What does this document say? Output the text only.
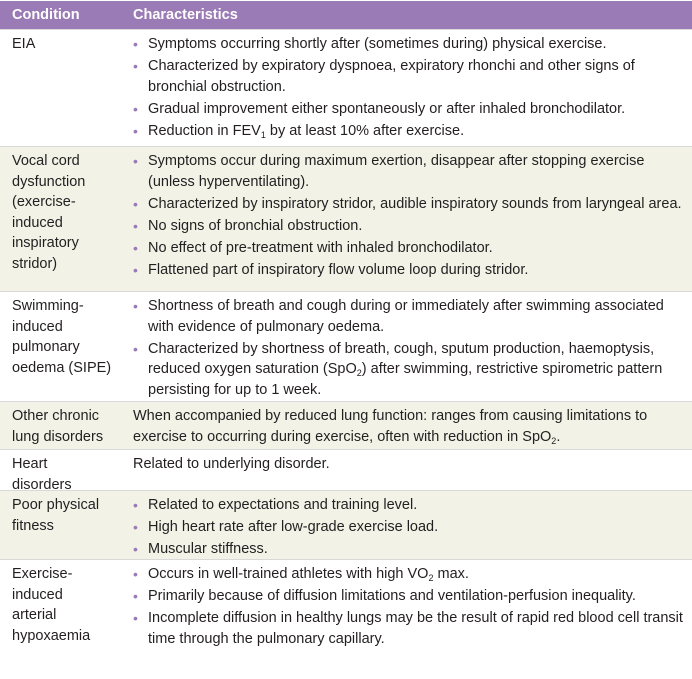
Condition	Characteristics
EIA	• Symptoms occurring shortly after (sometimes during) physical exercise.
• Characterized by expiratory dyspnoea, expiratory rhonchi and other signs of bronchial obstruction.
• Gradual improvement either spontaneously or after inhaled bronchodilator.
• Reduction in $FEV_1$ by at least 10% after exercise.
Vocal cord
dysfunction
(exercise-
induced
inspiratory
stridor)
• Symptoms occur during maximum exertion, disappear after stopping exercise (unless hyperventilating).
• Characterized by inspiratory stridor, audible inspiratory sounds from laryngeal area.
• No signs of bronchial obstruction.
• No effect of pre-treatment with inhaled bronchodilator.
• Flattened part of inspiratory flow volume loop during stridor.
Swimming-
induced
pulmonary
oedema (SIPE)
• Shortness of breath and cough during or immediately after swimming associated with evidence of pulmonary oedema.
• Characterized by shortness of breath, cough, sputum production, haemoptysis, reduced oxygen saturation (SpO$_2$) after swimming, restrictive spirometric pattern persisting for up to 1 week.
Other chronic
lung disorders
When accompanied by reduced lung function: ranges from causing limitations to exercise to occurring during exercise, often with reduction in SpO$_2$.
Heart
disorders
Related to underlying disorder.
Poor physical
fitness
• Related to expectations and training level.
• High heart rate after low-grade exercise load.
• Muscular stiffness.
Exercise-
induced
arterial
hypoxaemia
• Occurs in well-trained athletes with high $VO_2$ max.
• Primarily because of diffusion limitations and ventilation-perfusion inequality.
• Incomplete diffusion in healthy lungs may be the result of rapid red blood cell transit time through the pulmonary capillary.
